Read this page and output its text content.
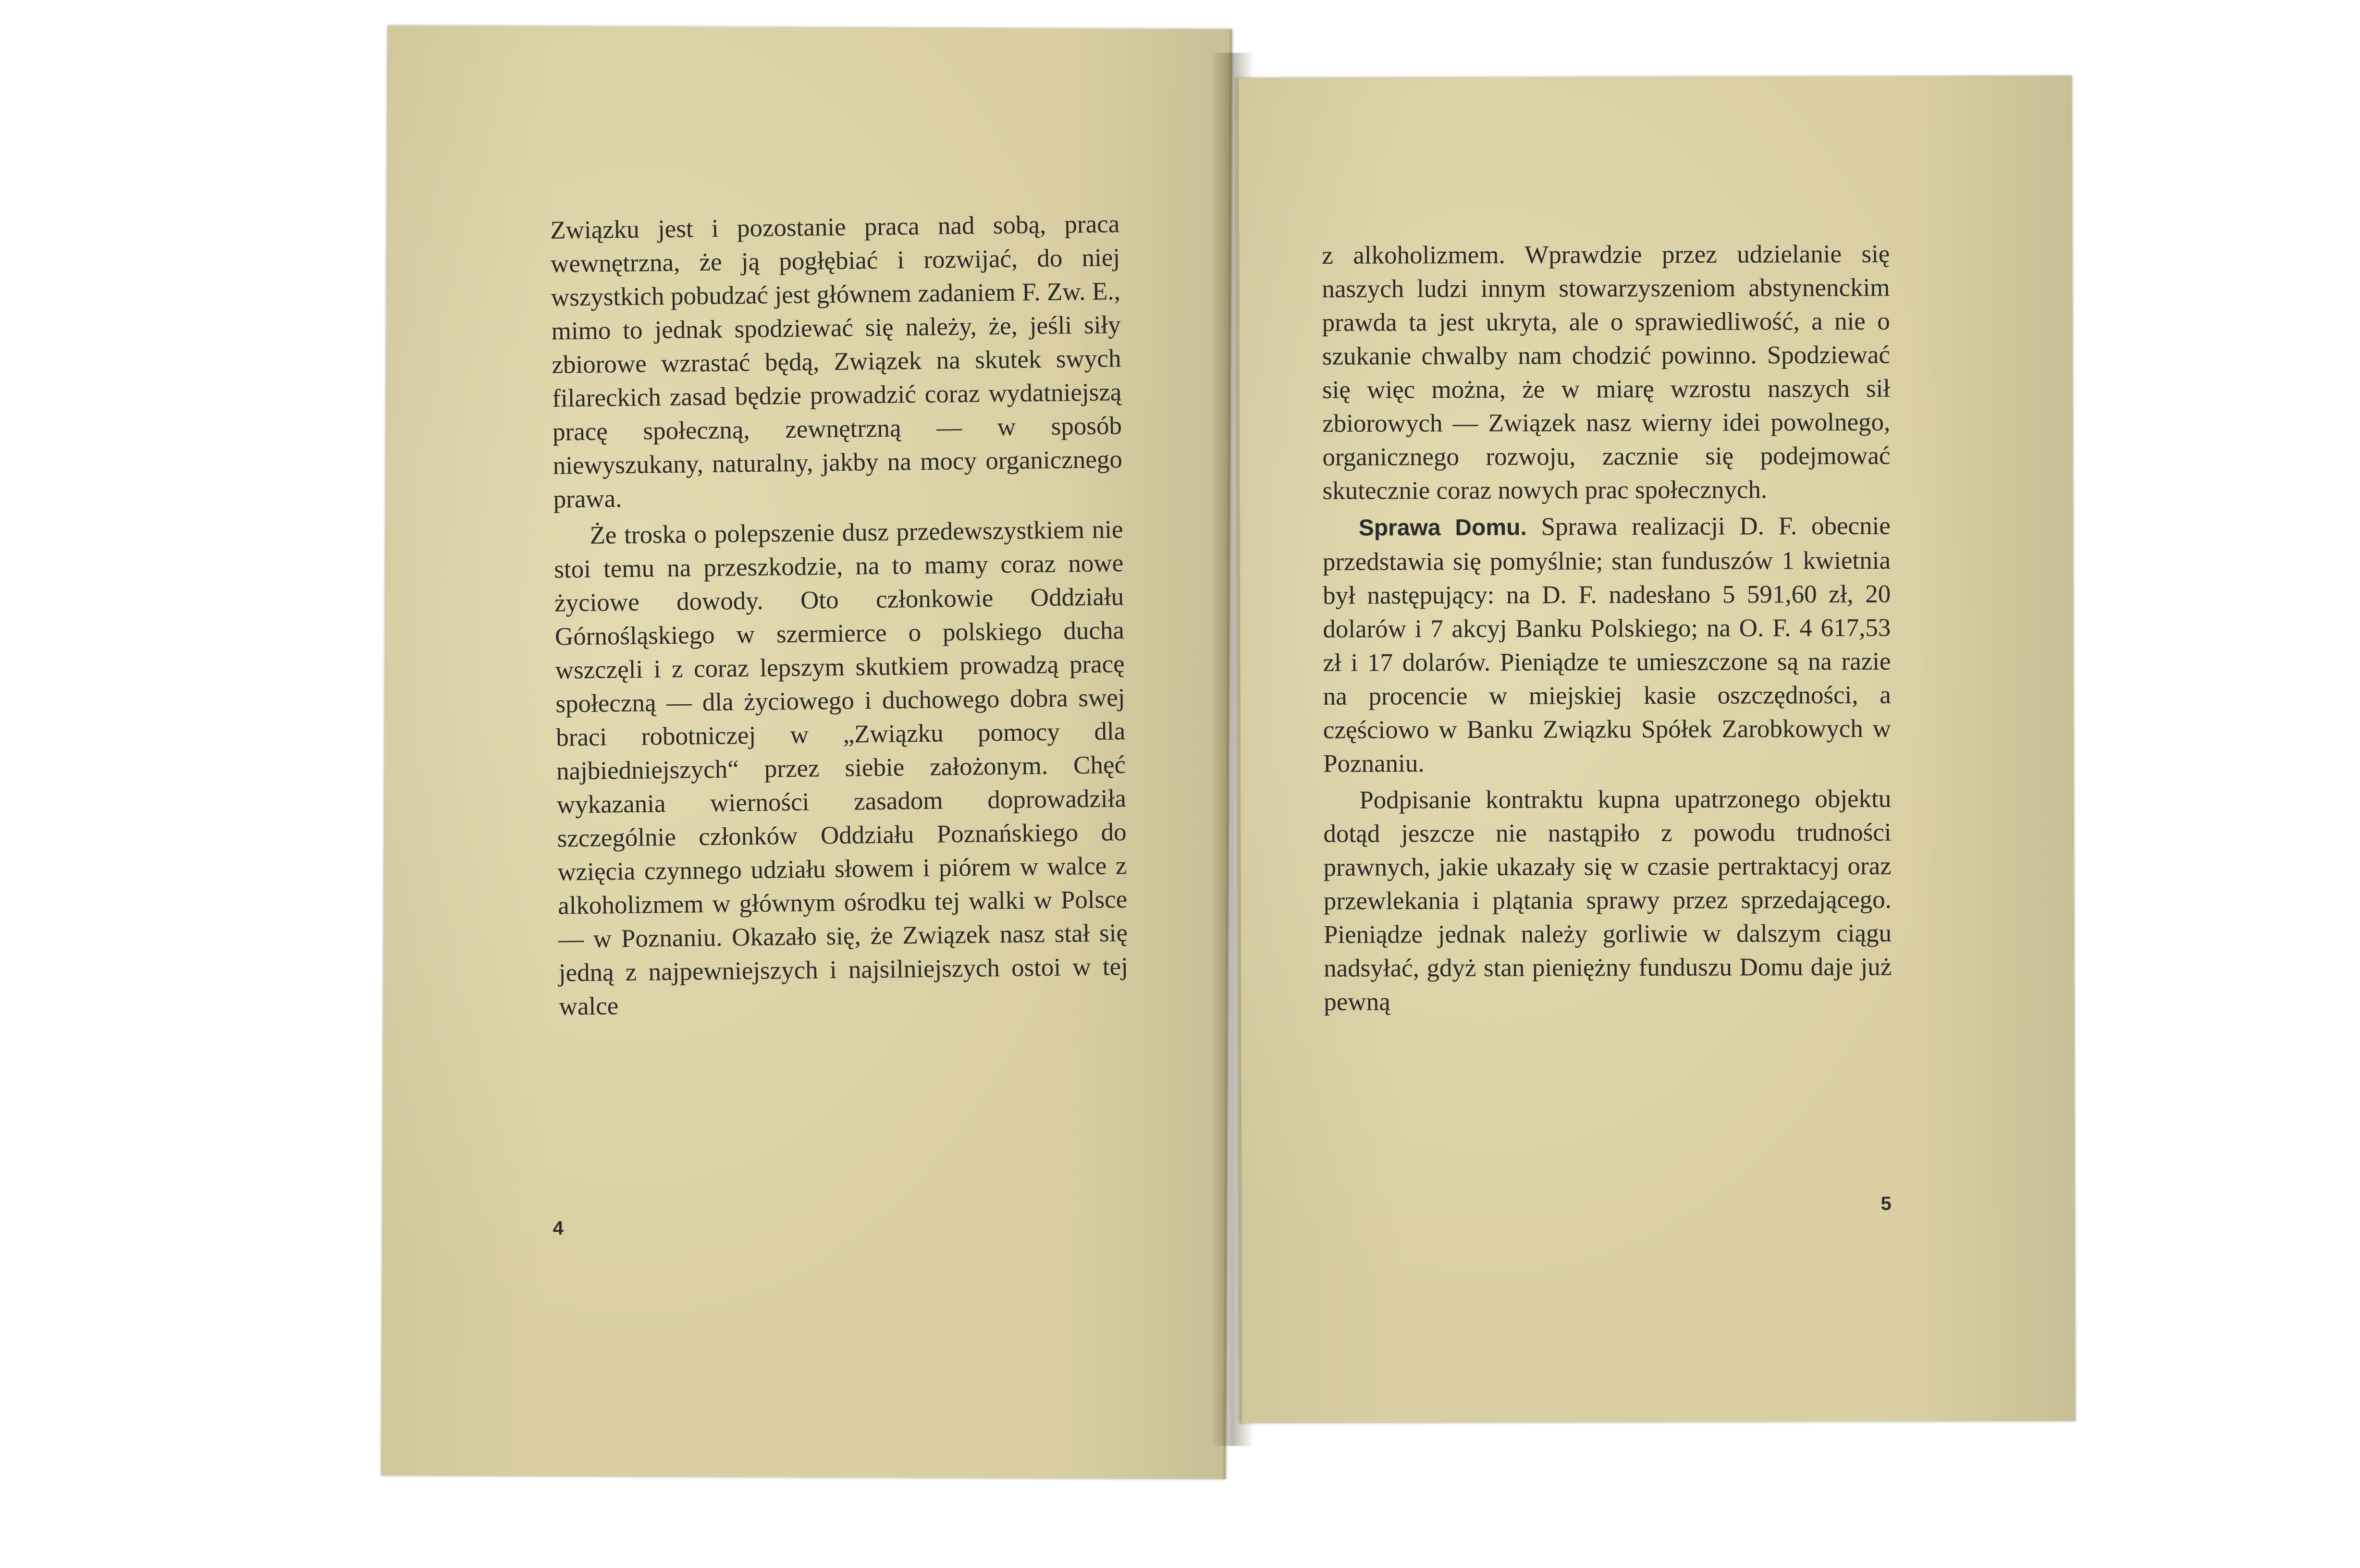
Związku jest i pozostanie praca nad sobą, praca wewnętrzna, że ją pogłębiać i rozwijać, do niej wszystkich pobudzać jest głównem zadaniem F. Zw. E., mimo to jednak spodziewać się należy, że, jeśli siły zbiorowe wzrastać będą, Związek na skutek swych filareckich zasad będzie prowadzić coraz wydatniejszą pracę społeczną, zewnętrzną — w sposób niewyszukany, naturalny, jakby na mocy organicznego prawa.

Że troska o polepszenie dusz przedewszystkiem nie stoi temu na przeszkodzie, na to mamy coraz nowe życiowe dowody. Oto członkowie Oddziału Górnośląskiego w szermierce o polskiego ducha wszczęli i z coraz lepszym skutkiem prowadzą pracę społeczną — dla życiowego i duchowego dobra swej braci robotniczej w „Związku pomocy dla najbiedniejszych“ przez siebie założonym. Chęć wykazania wierności zasadom doprowadziła szczególnie członków Oddziału Poznańskiego do wzięcia czynnego udziału słowem i piórem w walce z alkoholizmem w głównym ośrodku tej walki w Polsce — w Poznaniu. Okazało się, że Związek nasz stał się jedną z najpewniejszych i najsilniejszych ostoi w tej walce

4

z alkoholizmem. Wprawdzie przez udzielanie się naszych ludzi innym stowarzyszeniom abstynenckim prawda ta jest ukryta, ale o sprawiedliwość, a nie o szukanie chwalby nam chodzić powinno. Spodziewać się więc można, że w miarę wzrostu naszych sił zbiorowych — Związek nasz wierny idei powolnego, organicznego rozwoju, zacznie się podejmować skutecznie coraz nowych prac społecznych.

Sprawa Domu. Sprawa realizacji D. F. obecnie przedstawia się pomyślnie; stan funduszów 1 kwietnia był następujący: na D. F. nadesłano 5 591,60 zł, 20 dolarów i 7 akcyj Banku Polskiego; na O. F. 4 617,53 zł i 17 dolarów. Pieniądze te umieszczone są na razie na procencie w miejskiej kasie oszczędności, a częściowo w Banku Związku Spółek Zarobkowych w Poznaniu.

Podpisanie kontraktu kupna upatrzonego objektu dotąd jeszcze nie nastąpiło z powodu trudności prawnych, jakie ukazały się w czasie pertraktacyj oraz przewlekania i plątania sprawy przez sprzedającego. Pieniądze jednak należy gorliwie w dalszym ciągu nadsyłać, gdyż stan pieniężny funduszu Domu daje już pewną

5
